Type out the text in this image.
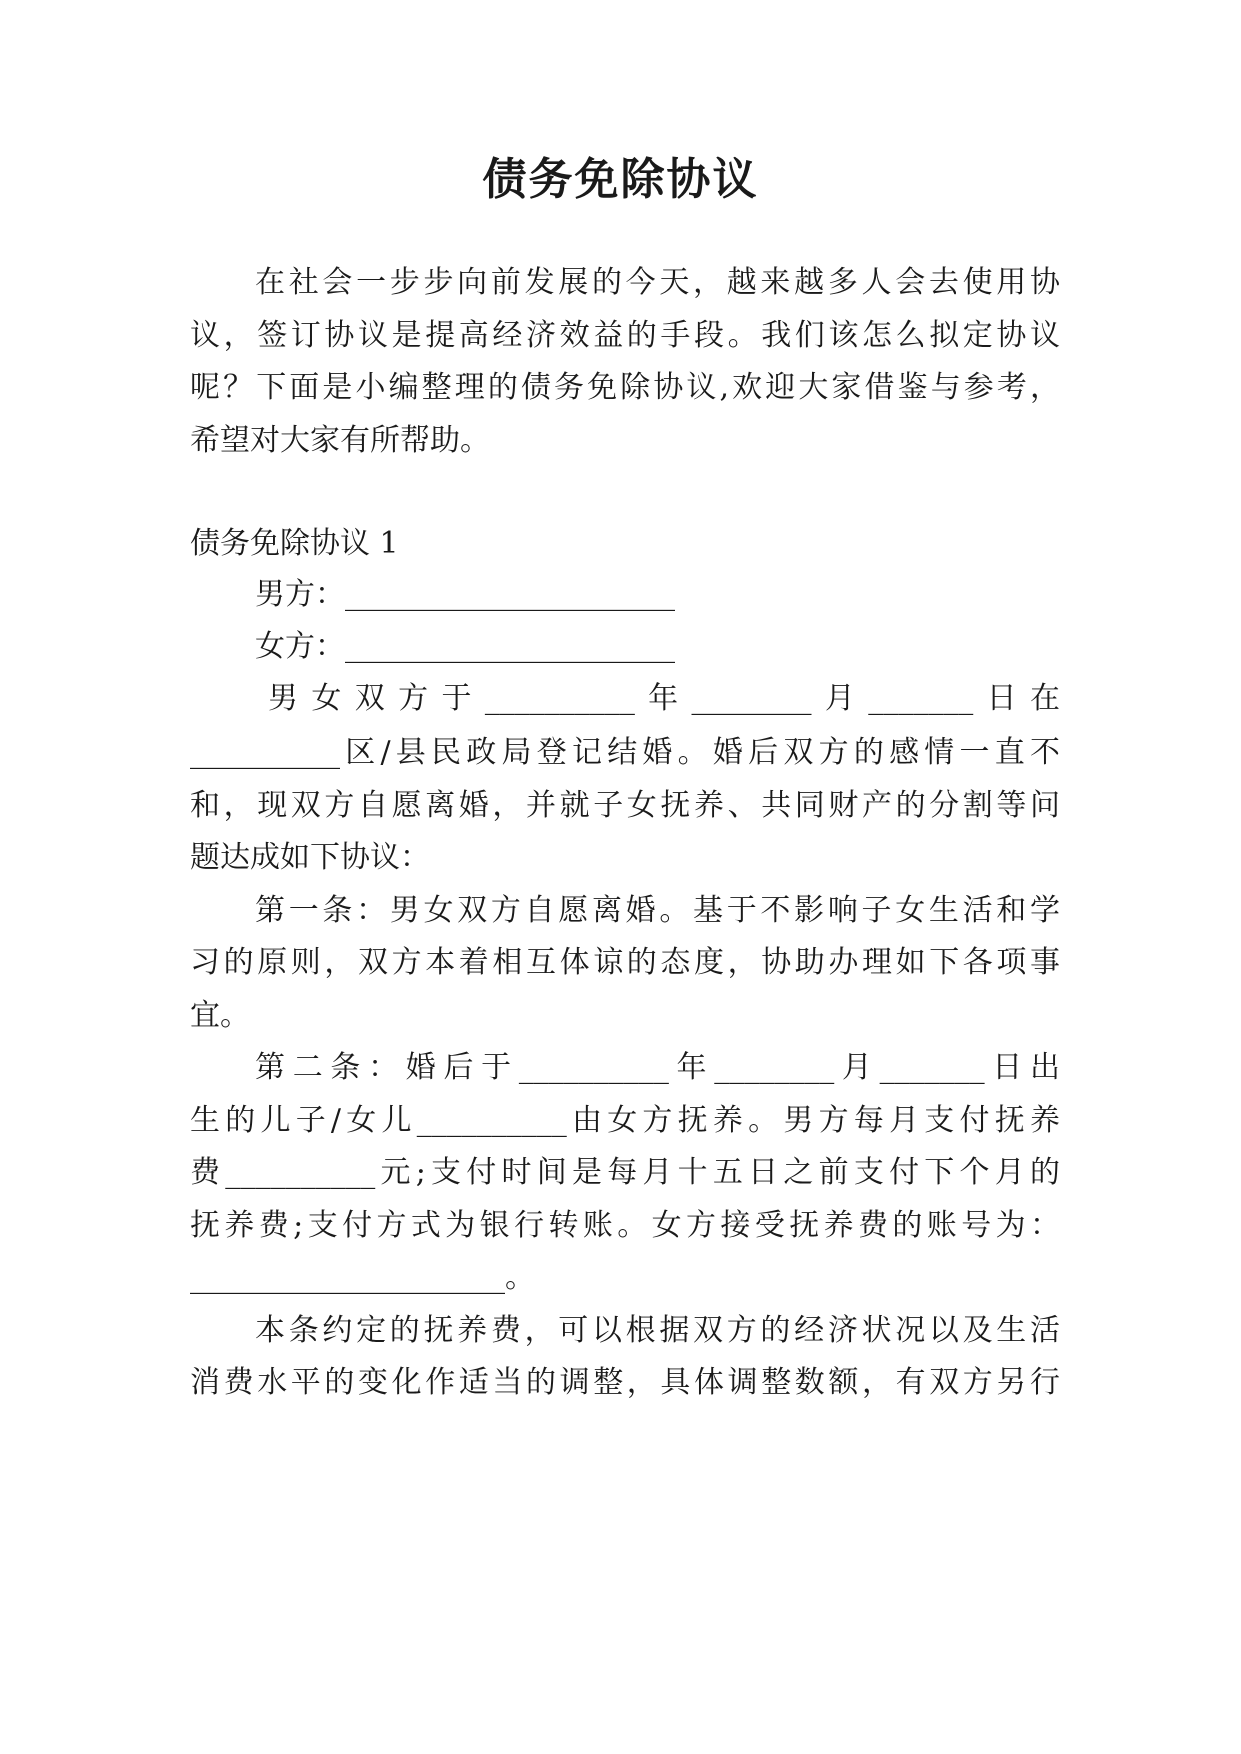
债务免除协议

在社会一步步向前发展的今天，越来越多人会去使用协

议，签订协议是提高经济效益的手段。我们该怎么拟定协议

呢？下面是小编整理的债务免除协议,欢迎大家借鉴与参考，

希望对大家有所帮助。

债务免除协议 1

男方：______________________

女方：______________________

男女双方于__________年________月_______日在

__________区/县民政局登记结婚。婚后双方的感情一直不

和，现双方自愿离婚，并就子女抚养、共同财产的分割等问

题达成如下协议：

第一条：男女双方自愿离婚。基于不影响子女生活和学

习的原则，双方本着相互体谅的态度，协助办理如下各项事

宜。

第二条：婚后于__________年________月_______日出

生的儿子/女儿__________由女方抚养。男方每月支付抚养

费__________元;支付时间是每月十五日之前支付下个月的

抚养费;支付方式为银行转账。女方接受抚养费的账号为：

_____________________。

本条约定的抚养费，可以根据双方的经济状况以及生活

消费水平的变化作适当的调整，具体调整数额，有双方另行
